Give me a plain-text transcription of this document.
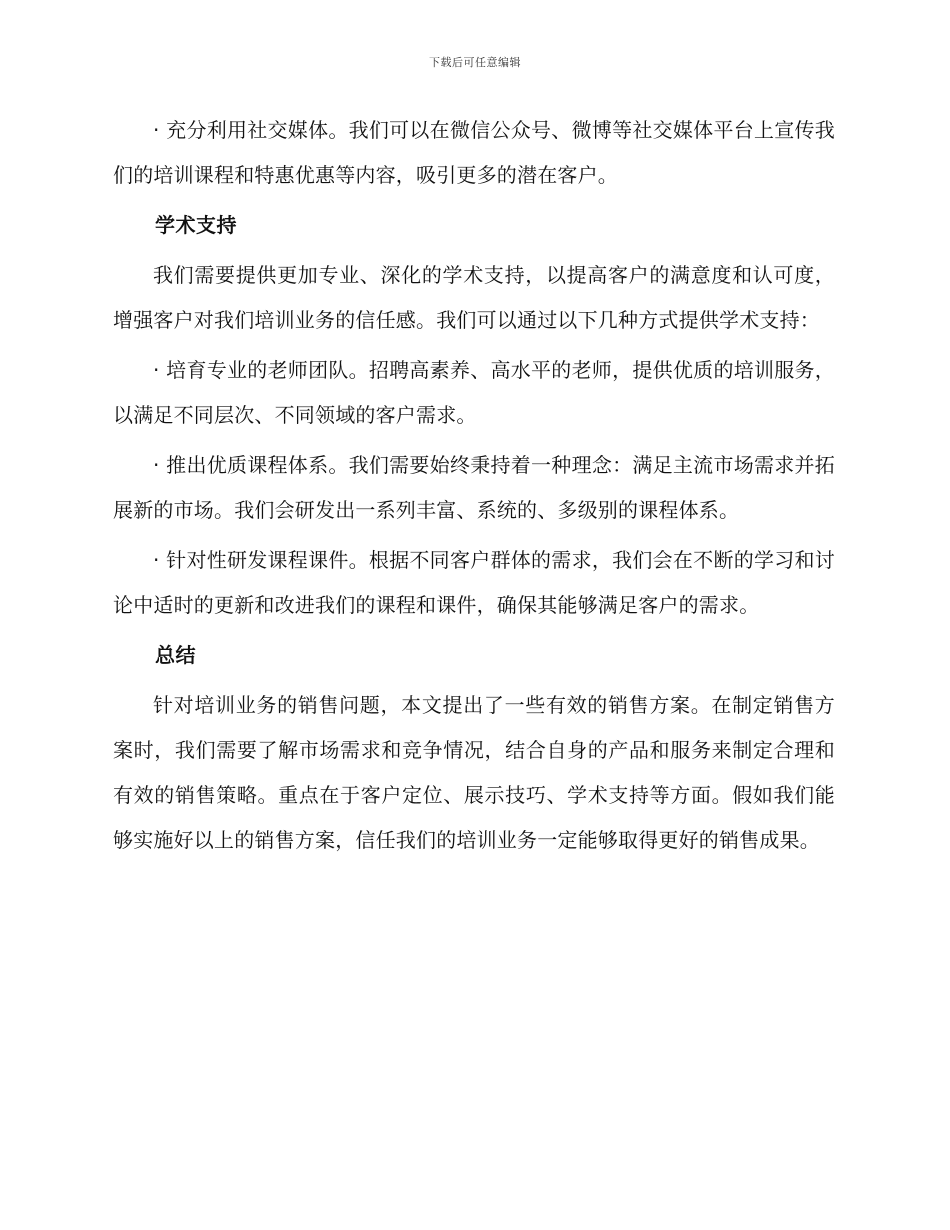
下载后可任意编辑

· 充分利用社交媒体。我们可以在微信公众号、微博等社交媒体平台上宣传我们的培训课程和特惠优惠等内容，吸引更多的潜在客户。

学术支持

我们需要提供更加专业、深化的学术支持，以提高客户的满意度和认可度，增强客户对我们培训业务的信任感。我们可以通过以下几种方式提供学术支持：

· 培育专业的老师团队。招聘高素养、高水平的老师，提供优质的培训服务，以满足不同层次、不同领域的客户需求。

· 推出优质课程体系。我们需要始终秉持着一种理念：满足主流市场需求并拓展新的市场。我们会研发出一系列丰富、系统的、多级别的课程体系。

· 针对性研发课程课件。根据不同客户群体的需求，我们会在不断的学习和讨论中适时的更新和改进我们的课程和课件，确保其能够满足客户的需求。

总结

针对培训业务的销售问题，本文提出了一些有效的销售方案。在制定销售方案时，我们需要了解市场需求和竞争情况，结合自身的产品和服务来制定合理和有效的销售策略。重点在于客户定位、展示技巧、学术支持等方面。假如我们能够实施好以上的销售方案，信任我们的培训业务一定能够取得更好的销售成果。
